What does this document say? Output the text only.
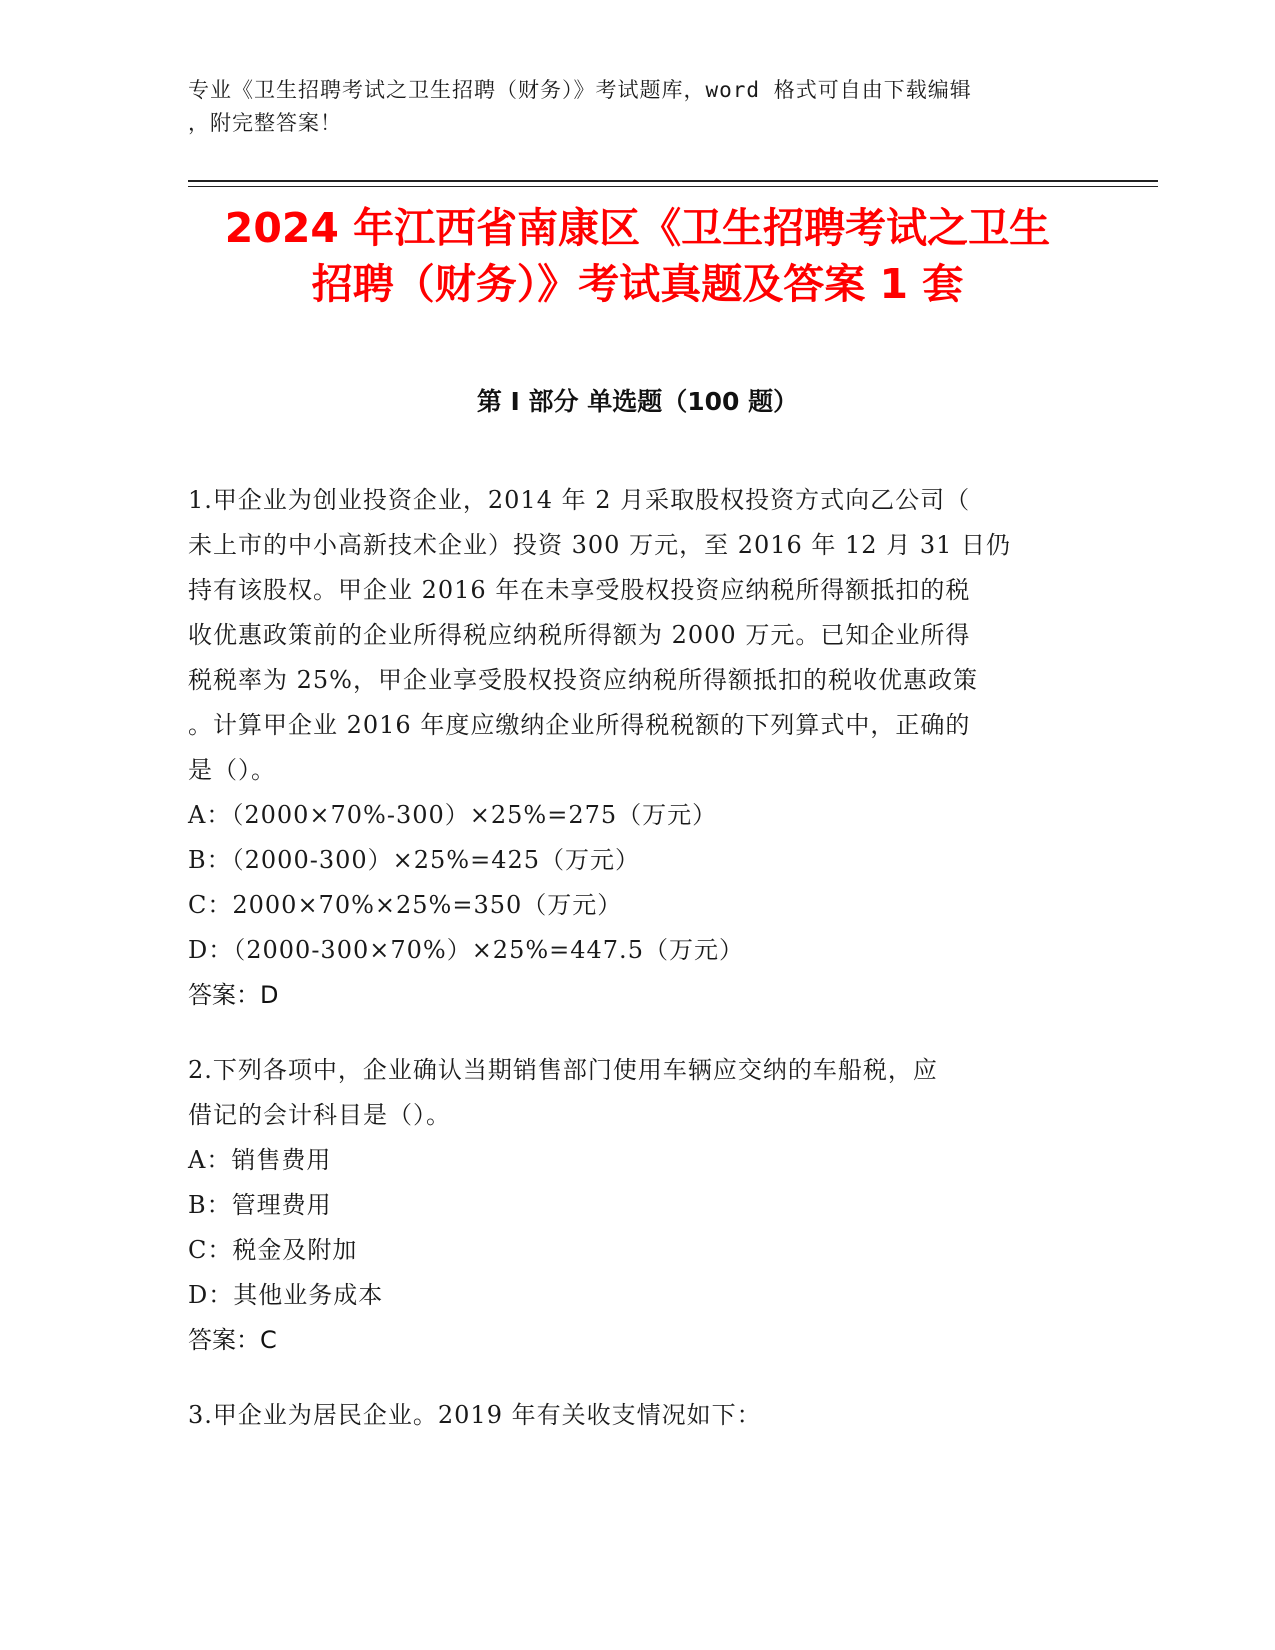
专业《卫生招聘考试之卫生招聘（财务）》考试题库，word 格式可自由下载编辑
，附完整答案！
2024 年江西省南康区《卫生招聘考试之卫生
招聘（财务）》考试真题及答案 1 套
第 I 部分 单选题（100 题）
1.甲企业为创业投资企业，2014 年 2 月采取股权投资方式向乙公司（
未上市的中小高新技术企业）投资 300 万元，至 2016 年 12 月 31 日仍
持有该股权。甲企业 2016 年在未享受股权投资应纳税所得额抵扣的税
收优惠政策前的企业所得税应纳税所得额为 2000 万元。已知企业所得
税税率为 25%，甲企业享受股权投资应纳税所得额抵扣的税收优惠政策
。计算甲企业 2016 年度应缴纳企业所得税税额的下列算式中，正确的
是（）。
A：（2000×70%-300）×25%=275（万元）
B：（2000-300）×25%=425（万元）
C：2000×70%×25%=350（万元）
D：（2000-300×70%）×25%=447.5（万元）
答案：D
2.下列各项中，企业确认当期销售部门使用车辆应交纳的车船税，应
借记的会计科目是（）。
A：销售费用
B：管理费用
C：税金及附加
D：其他业务成本
答案：C
3.甲企业为居民企业。2019 年有关收支情况如下：
